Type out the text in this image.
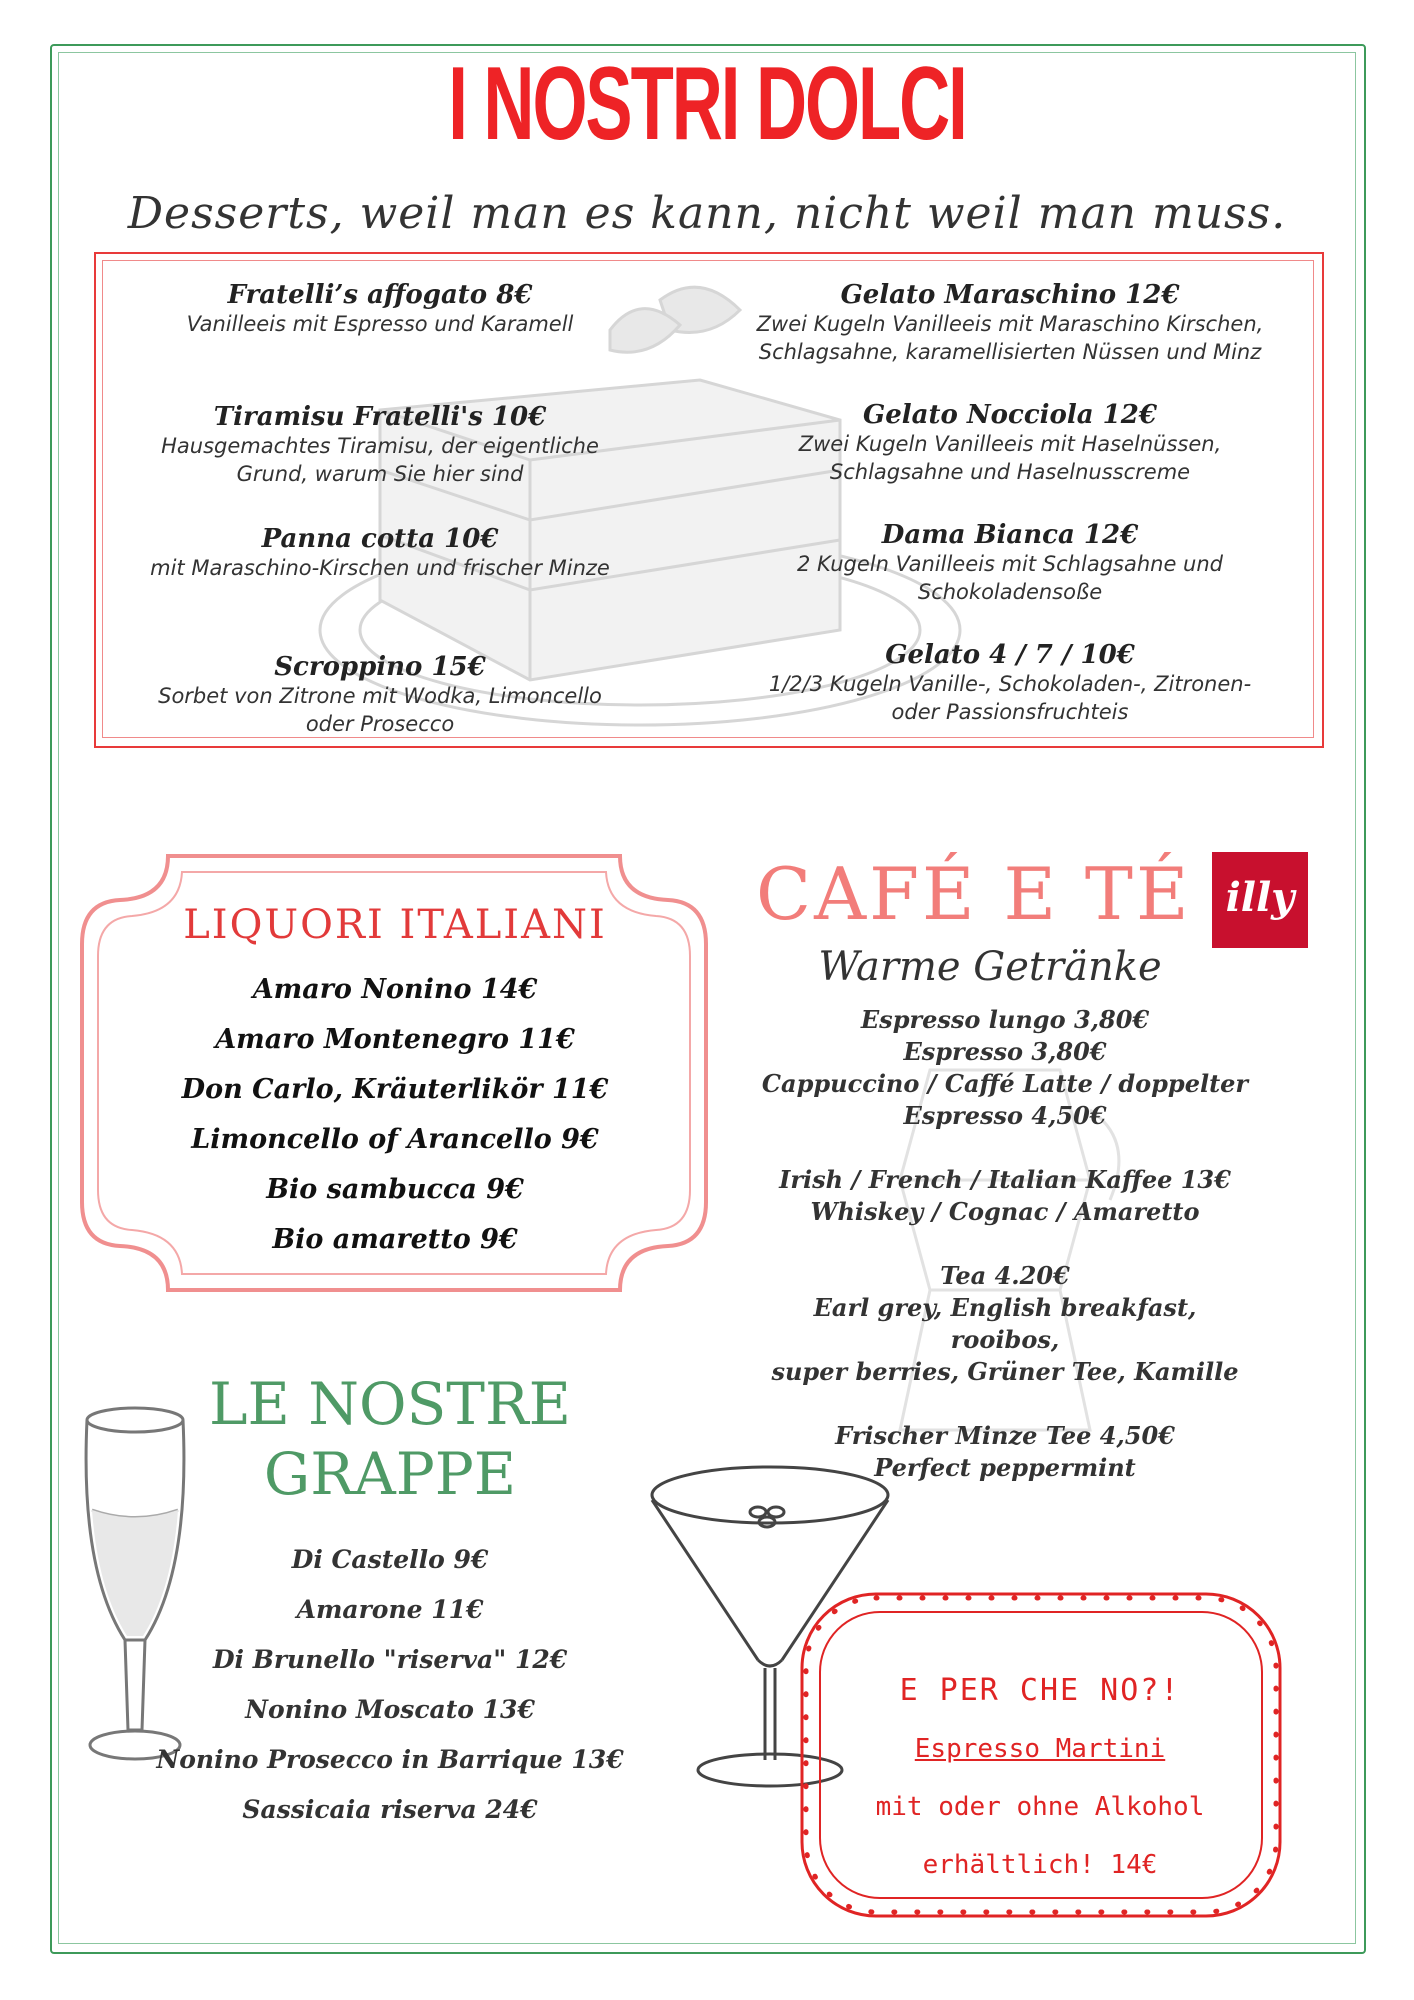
I NOSTRI DOLCI
Desserts, weil man es kann, nicht weil man muss.
Fratelli’s affogato 8€
Vanilleeis mit Espresso und Karamell
Tiramisu Fratelli's 10€
Hausgemachtes Tiramisu, der eigentliche
Grund, warum Sie hier sind
Panna cotta 10€
mit Maraschino-Kirschen und frischer Minze
Scroppino 15€
Sorbet von Zitrone mit Wodka, Limoncello
oder Prosecco
Gelato Maraschino 12€
Zwei Kugeln Vanilleeis mit Maraschino Kirschen,
Schlagsahne, karamellisierten Nüssen und Minz
Gelato Nocciola 12€
Zwei Kugeln Vanilleeis mit Haselnüssen,
Schlagsahne und Haselnusscreme
Dama Bianca 12€
2 Kugeln Vanilleeis mit Schlagsahne und
Schokoladensoße
Gelato 4 / 7 / 10€
1/2/3 Kugeln Vanille-, Schokoladen-, Zitronen-
oder Passionsfruchteis
LIQUORI ITALIANI
Amaro Nonino 14€
Amaro Montenegro 11€
Don Carlo, Kräuterlikör 11€
Limoncello of Arancello 9€
Bio sambucca 9€
Bio amaretto 9€
CAFÉ E TÉ illy
Warme Getränke
Espresso lungo 3,80€
Espresso 3,80€
Cappuccino / Caffé Latte / doppelter
Espresso 4,50€

Irish / French / Italian Kaffee 13€
Whiskey / Cognac / Amaretto

Tea 4.20€
Earl grey, English breakfast, rooibos,
super berries, Grüner Tee, Kamille

Frischer Minze Tee 4,50€
Perfect peppermint
LE NOSTRE
GRAPPE
Di Castello 9€
Amarone 11€
Di Brunello "riserva" 12€
Nonino Moscato 13€
Nonino Prosecco in Barrique 13€
Sassicaia riserva 24€
E PER CHE NO?!
Espresso Martini
mit oder ohne Alkohol
erhältlich! 14€
